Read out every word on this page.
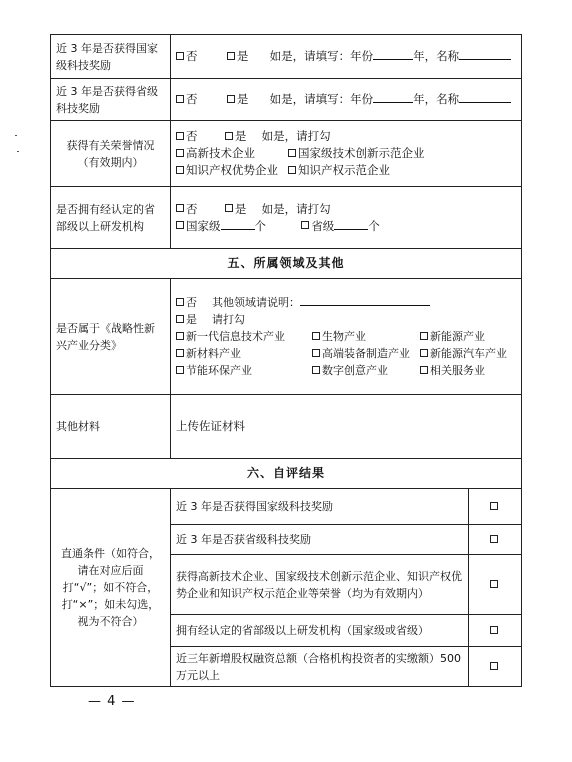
近 3 年是否获得国家级科技奖励	否 是 如是，请填写：年份 年，名称	
近 3 年是否获得省级科技奖励	否 是 如是，请填写：年份 年，名称	
获得有关荣誉情况（有效期内）	否 是 如是，请打勾
高新技术企业 国家级技术创新示范企业
知识产权优势企业 知识产权示范企业	

是否拥有经认定的省部级以上研发机构	否 是 如是，请打勾
国家级 个 省级 个	

五、所属领域及其他		
是否属于《战略性新兴产业分类》	否 其他领域请说明：
是 请打勾
新一代信息技术产业 生物产业 新能源产业
新材料产业 高端装备制造产业 新能源汽车产业
节能环保产业 数字创意产业 相关服务业	

其他材料	上传佐证材料	
六、自评结果		
直通条件（如符合，请在对应后面打“√”；如不符合，打“×”；如未勾选，视为不符合）	近 3 年是否获得国家级科技奖励	
	近 3 年是否获省级科技奖励	
	获得高新技术企业、国家级技术创新示范企业、知识产权优势企业和知识产权示范企业等荣誉（均为有效期内）	
	拥有经认定的省部级以上研发机构（国家级或省级）	
	近三年新增股权融资总额（合格机构投资者的实缴额）500 万元以上	
— 4 —
